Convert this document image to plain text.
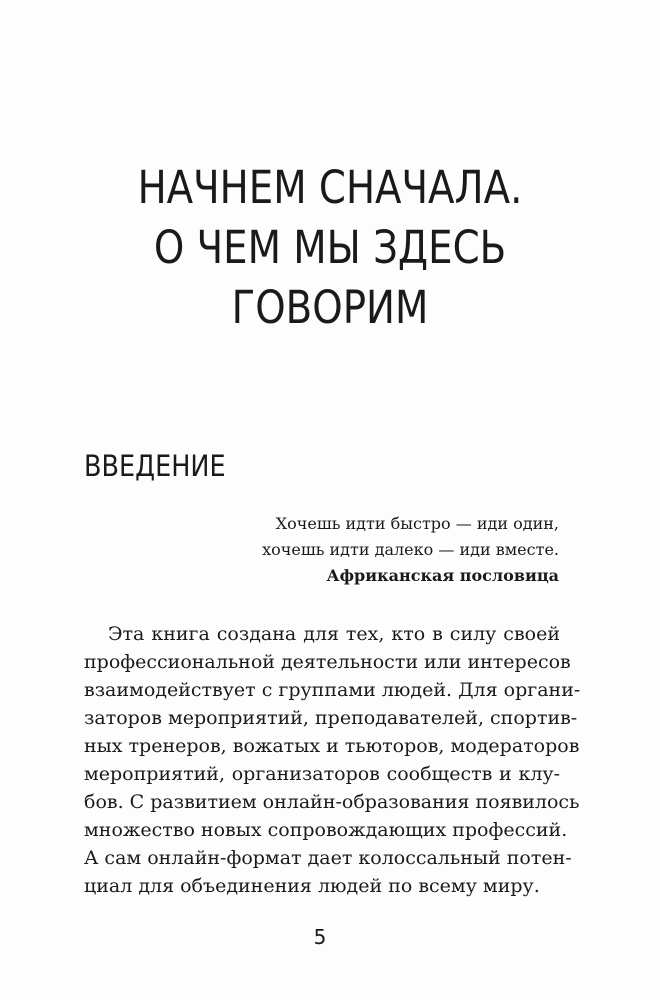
НАЧНЕМ СНАЧАЛА.
О ЧЕМ МЫ ЗДЕСЬ
ГОВОРИМ
ВВЕДЕНИЕ
Хочешь идти быстро — иди один,
хочешь идти далеко — иди вместе.
Африканская пословица
Эта книга создана для тех, кто в силу своей
профессиональной деятельности или интересов
взаимодействует с группами людей. Для органи-
заторов мероприятий, преподавателей, спортив-
ных тренеров, вожатых и тьюторов, модераторов
мероприятий, организаторов сообществ и клу-
бов. С развитием онлайн-образования появилось
множество новых сопровождающих профессий.
А сам онлайн-формат дает колоссальный потен-
циал для объединения людей по всему миру.
5
